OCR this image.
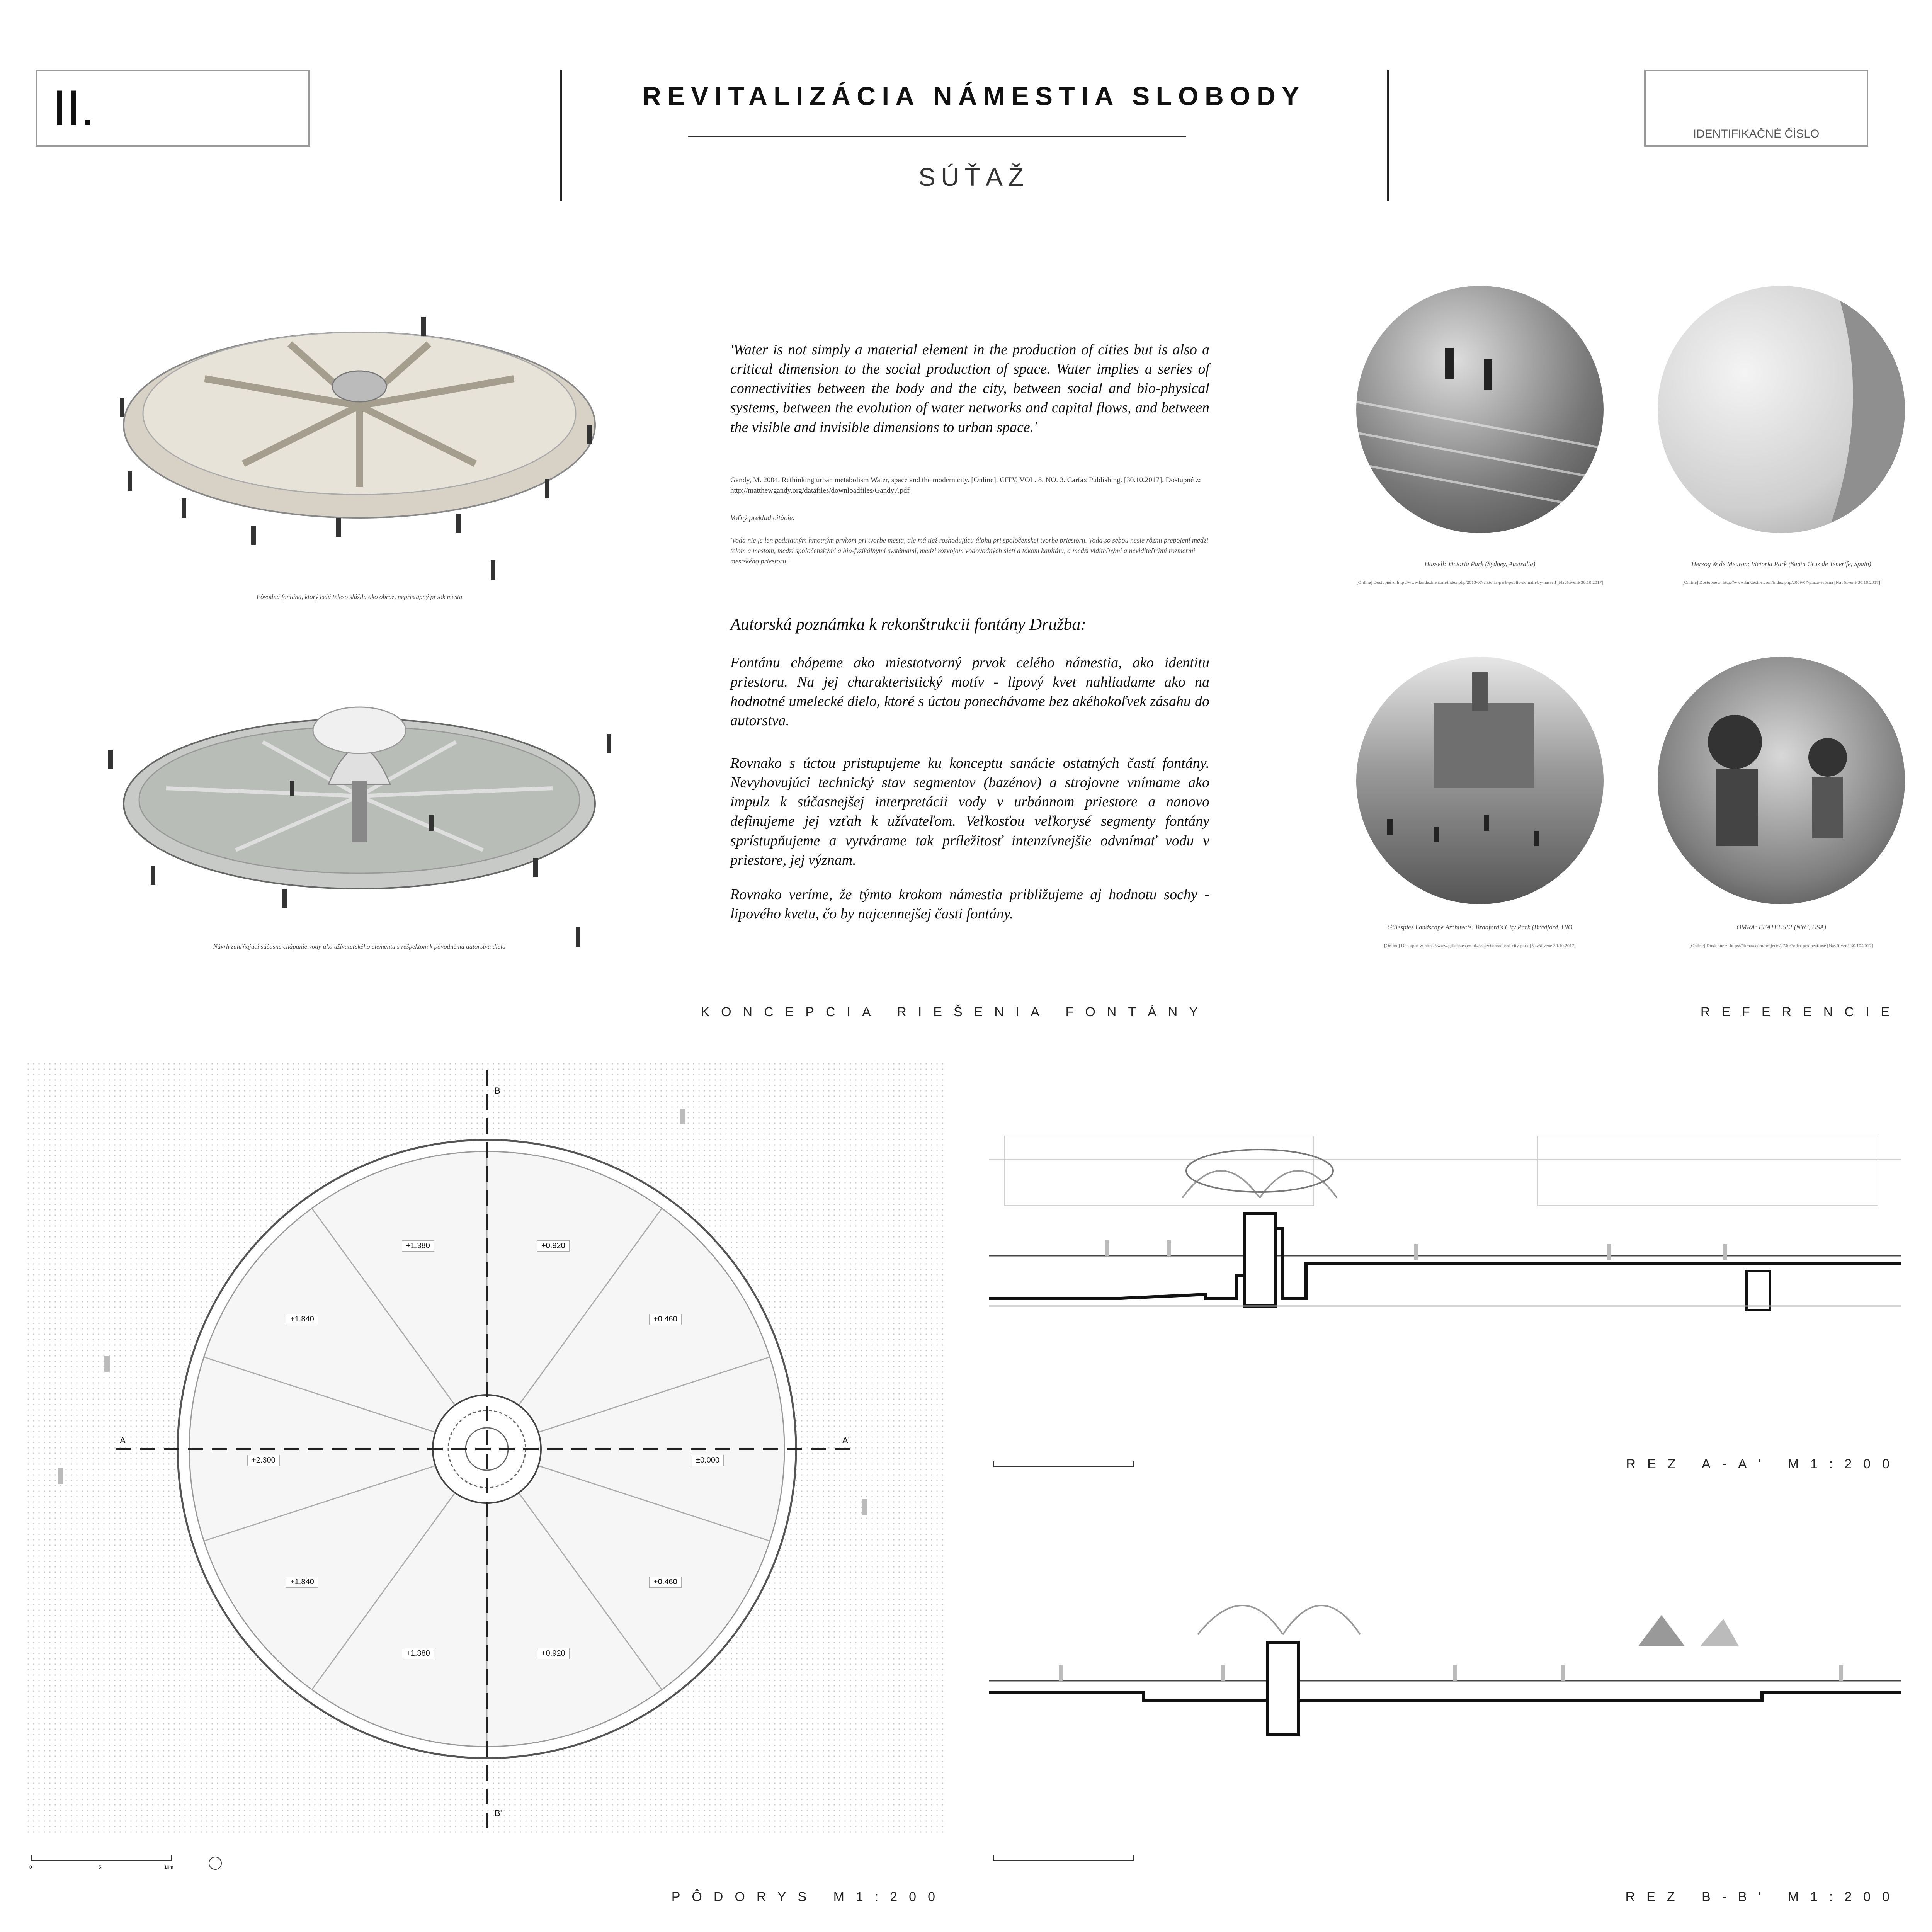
II.	REVITALIZÁCIA NÁMESTIA SLOBODY
SÚŤAŽ
IDENTIFIKAČNÉ ČÍSLO
Pôvodná fontána, ktorý celú teleso slúžila ako obraz, nepristupný prvok mesta
Návrh zahŕňajúci súčasné chápanie vody ako užívateľského elementu s rešpektom k pôvodnému autorstvu diela
'Water is not simply a material element in the production of cities but is also a critical dimension to the social production of space. Water implies a series of connectivities between the body and the city, between social and bio-physical systems, between the evolution of water networks and capital flows, and between the visible and invisible dimensions to urban space.'
Gandy, M. 2004. Rethinking urban metabolism Water, space and the modern city. [Online]. CITY, VOL. 8, NO. 3. Carfax Publishing. [30.10.2017]. Dostupné z: http://matthewgandy.org/datafiles/downloadfiles/Gandy7.pdf
Voľný preklad citácie:
'Voda nie je len podstatným hmotným prvkom pri tvorbe mesta, ale má tiež rozhodujúcu úlohu pri spoločenskej tvorbe priestoru. Voda so sebou nesie rôznu prepojení medzi telom a mestom, medzi spoločenskými a bio-fyzikálnymi systémami, medzi rozvojom vodovodných sietí a tokom kapitálu, a medzi viditeľnými a neviditeľnými rozmermi mestského priestoru.'
Autorská poznámka k rekonštrukcii fontány Družba:
Fontánu chápeme ako miestotvorný prvok celého námestia, ako identitu priestoru. Na jej charakteristický motív - lipový kvet nahliadame ako na hodnotné umelecké dielo, ktoré s úctou ponechávame bez akéhokoľvek zásahu do autorstva.
Rovnako s úctou pristupujeme ku konceptu sanácie ostatných častí fontány. Nevyhovujúci technický stav segmentov (bazénov) a strojovne vnímame ako impulz k súčasnejšej interpretácii vody v urbánnom priestore a nanovo definujeme jej vzťah k užívateľom. Veľkosťou veľkorysé segmenty fontány sprístupňujeme a vytvárame tak príležitosť intenzívnejšie odvnímať vodu v priestore, jej význam.
Rovnako veríme, že týmto krokom námestia približujeme aj hodnotu sochy - lipového kvetu, čo by najcennejšej časti fontány.
KONCEPCIA RIEŠENIA FONTÁNY
Hassell: Victoria Park (Sydney, Australia)
[Online] Dostupné z: http://www.landezine.com/index.php/2013/07/victoria-park-public-domain-by-hassell [Navštívené 30.10.2017]
Herzog & de Meuron: Victoria Park (Santa Cruz de Tenerife, Spain)
[Online] Dostupné z: http://www.landezine.com/index.php/2009/07/plaza-espana [Navštívené 30.10.2017]
Gillespies Landscape Architects: Bradford's City Park (Bradford, UK)
[Online] Dostupné z: https://www.gillespies.co.uk/projects/bradford-city-park [Navštívené 30.10.2017]
OMRA: BEATFUSE! (NYC, USA)
[Online] Dostupné z: https://ikmaa.com/projects/2740/?oder-pro-beatfuse [Navštívené 30.10.2017]
REFERENCIE
+1.380	+0.920
+1.840	+0.460
+2.300	±0.000
+1.840	+0.460
+1.380	+0.920
A	A'
B
B'
0	5	10m
PÔDORYS M1:200
REZ A-A' M1:200
REZ B-B' M1:200
